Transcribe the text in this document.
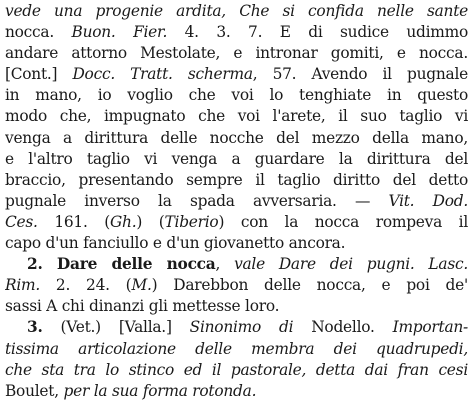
vede una progenie ardita, Che si confida nelle sante
nocca. Buon. Fier. 4. 3. 7. E di sudice udimmo
andare attorno Mestolate, e intronar gomiti, e nocca.
[Cont.] Docc. Tratt. scherma, 57. Avendo il pugnale
in mano, io voglio che voi lo tenghiate in questo
modo che, impugnato che voi l'arete, il suo taglio vi
venga a dirittura delle nocche del mezzo della mano,
e l'altro taglio vi venga a guardare la dirittura del
braccio, presentando sempre il taglio diritto del detto
pugnale inverso la spada avversaria. — Vit. Dod.
Ces. 161. (Gh.) (Tiberio) con la nocca rompeva il
capo d'un fanciullo e d'un giovanetto ancora.
2. Dare delle nocca, vale Dare dei pugni. Lasc.
Rim. 2. 24. (M.) Darebbon delle nocca, e poi de'
sassi A chi dinanzi gli mettesse loro.
3. (Vet.) [Valla.] Sinonimo di Nodello. Importan-
tissima articolazione delle membra dei quadrupedi,
che sta tra lo stinco ed il pastorale, detta dai fran cesi
Boulet, per la sua forma rotonda.
